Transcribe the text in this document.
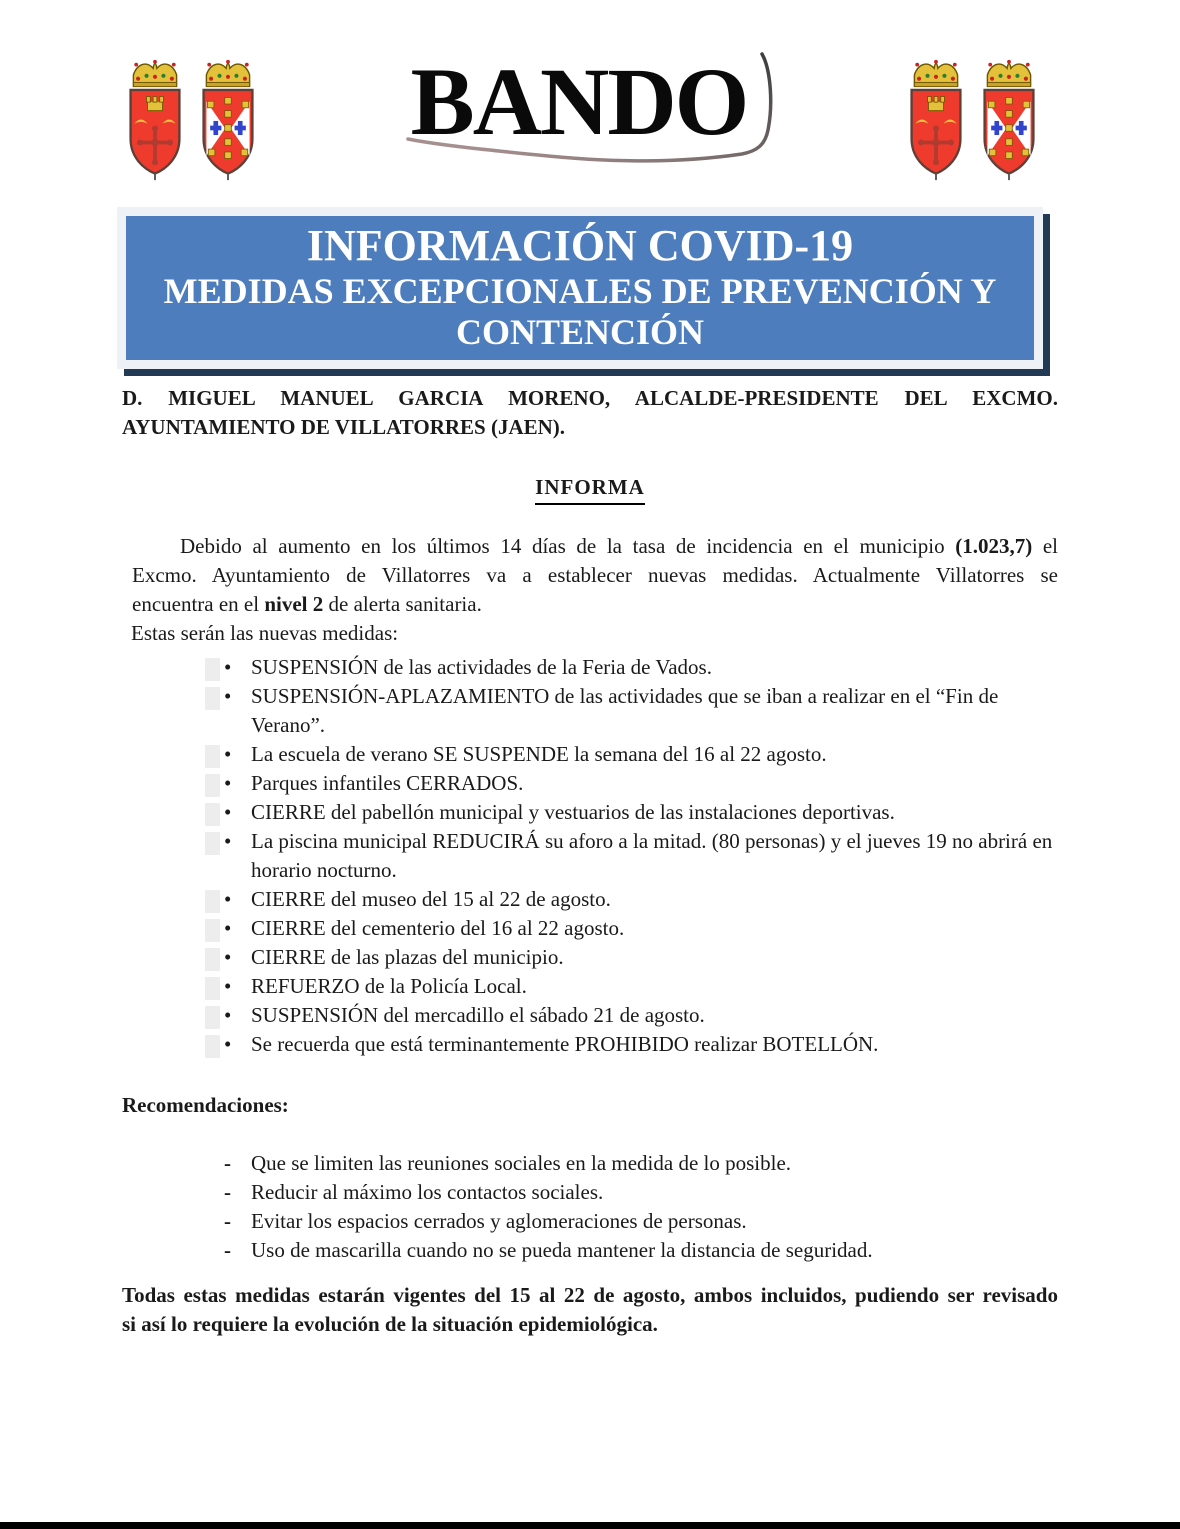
BANDO
INFORMACIÓN COVID-19
MEDIDAS EXCEPCIONALES DE PREVENCIÓN Y
CONTENCIÓN
D. MIGUEL MANUEL GARCIA MORENO, ALCALDE-PRESIDENTE DEL EXCMO.
AYUNTAMIENTO DE VILLATORRES (JAEN).
INFORMA
Debido al aumento en los últimos 14 días de la tasa de incidencia en el municipio (1.023,7) el
Excmo. Ayuntamiento de Villatorres va a establecer nuevas medidas. Actualmente Villatorres se
encuentra en el nivel 2 de alerta sanitaria.
Estas serán las nuevas medidas:
• SUSPENSIÓN de las actividades de la Feria de Vados.
• SUSPENSIÓN-APLAZAMIENTO de las actividades que se iban a realizar en el “Fin de Verano”.
• La escuela de verano SE SUSPENDE la semana del 16 al 22 agosto.
• Parques infantiles CERRADOS.
• CIERRE del pabellón municipal y vestuarios de las instalaciones deportivas.
• La piscina municipal REDUCIRÁ su aforo a la mitad. (80 personas) y el jueves 19 no abrirá en horario nocturno.
• CIERRE del museo del 15 al 22 de agosto.
• CIERRE del cementerio del 16 al 22 agosto.
• CIERRE de las plazas del municipio.
• REFUERZO de la Policía Local.
• SUSPENSIÓN del mercadillo el sábado 21 de agosto.
• Se recuerda que está terminantemente PROHIBIDO realizar BOTELLÓN.
Recomendaciones:
- Que se limiten las reuniones sociales en la medida de lo posible.
- Reducir al máximo los contactos sociales.
- Evitar los espacios cerrados y aglomeraciones de personas.
- Uso de mascarilla cuando no se pueda mantener la distancia de seguridad.
Todas estas medidas estarán vigentes del 15 al 22 de agosto, ambos incluidos, pudiendo ser revisado
si así lo requiere la evolución de la situación epidemiológica.
